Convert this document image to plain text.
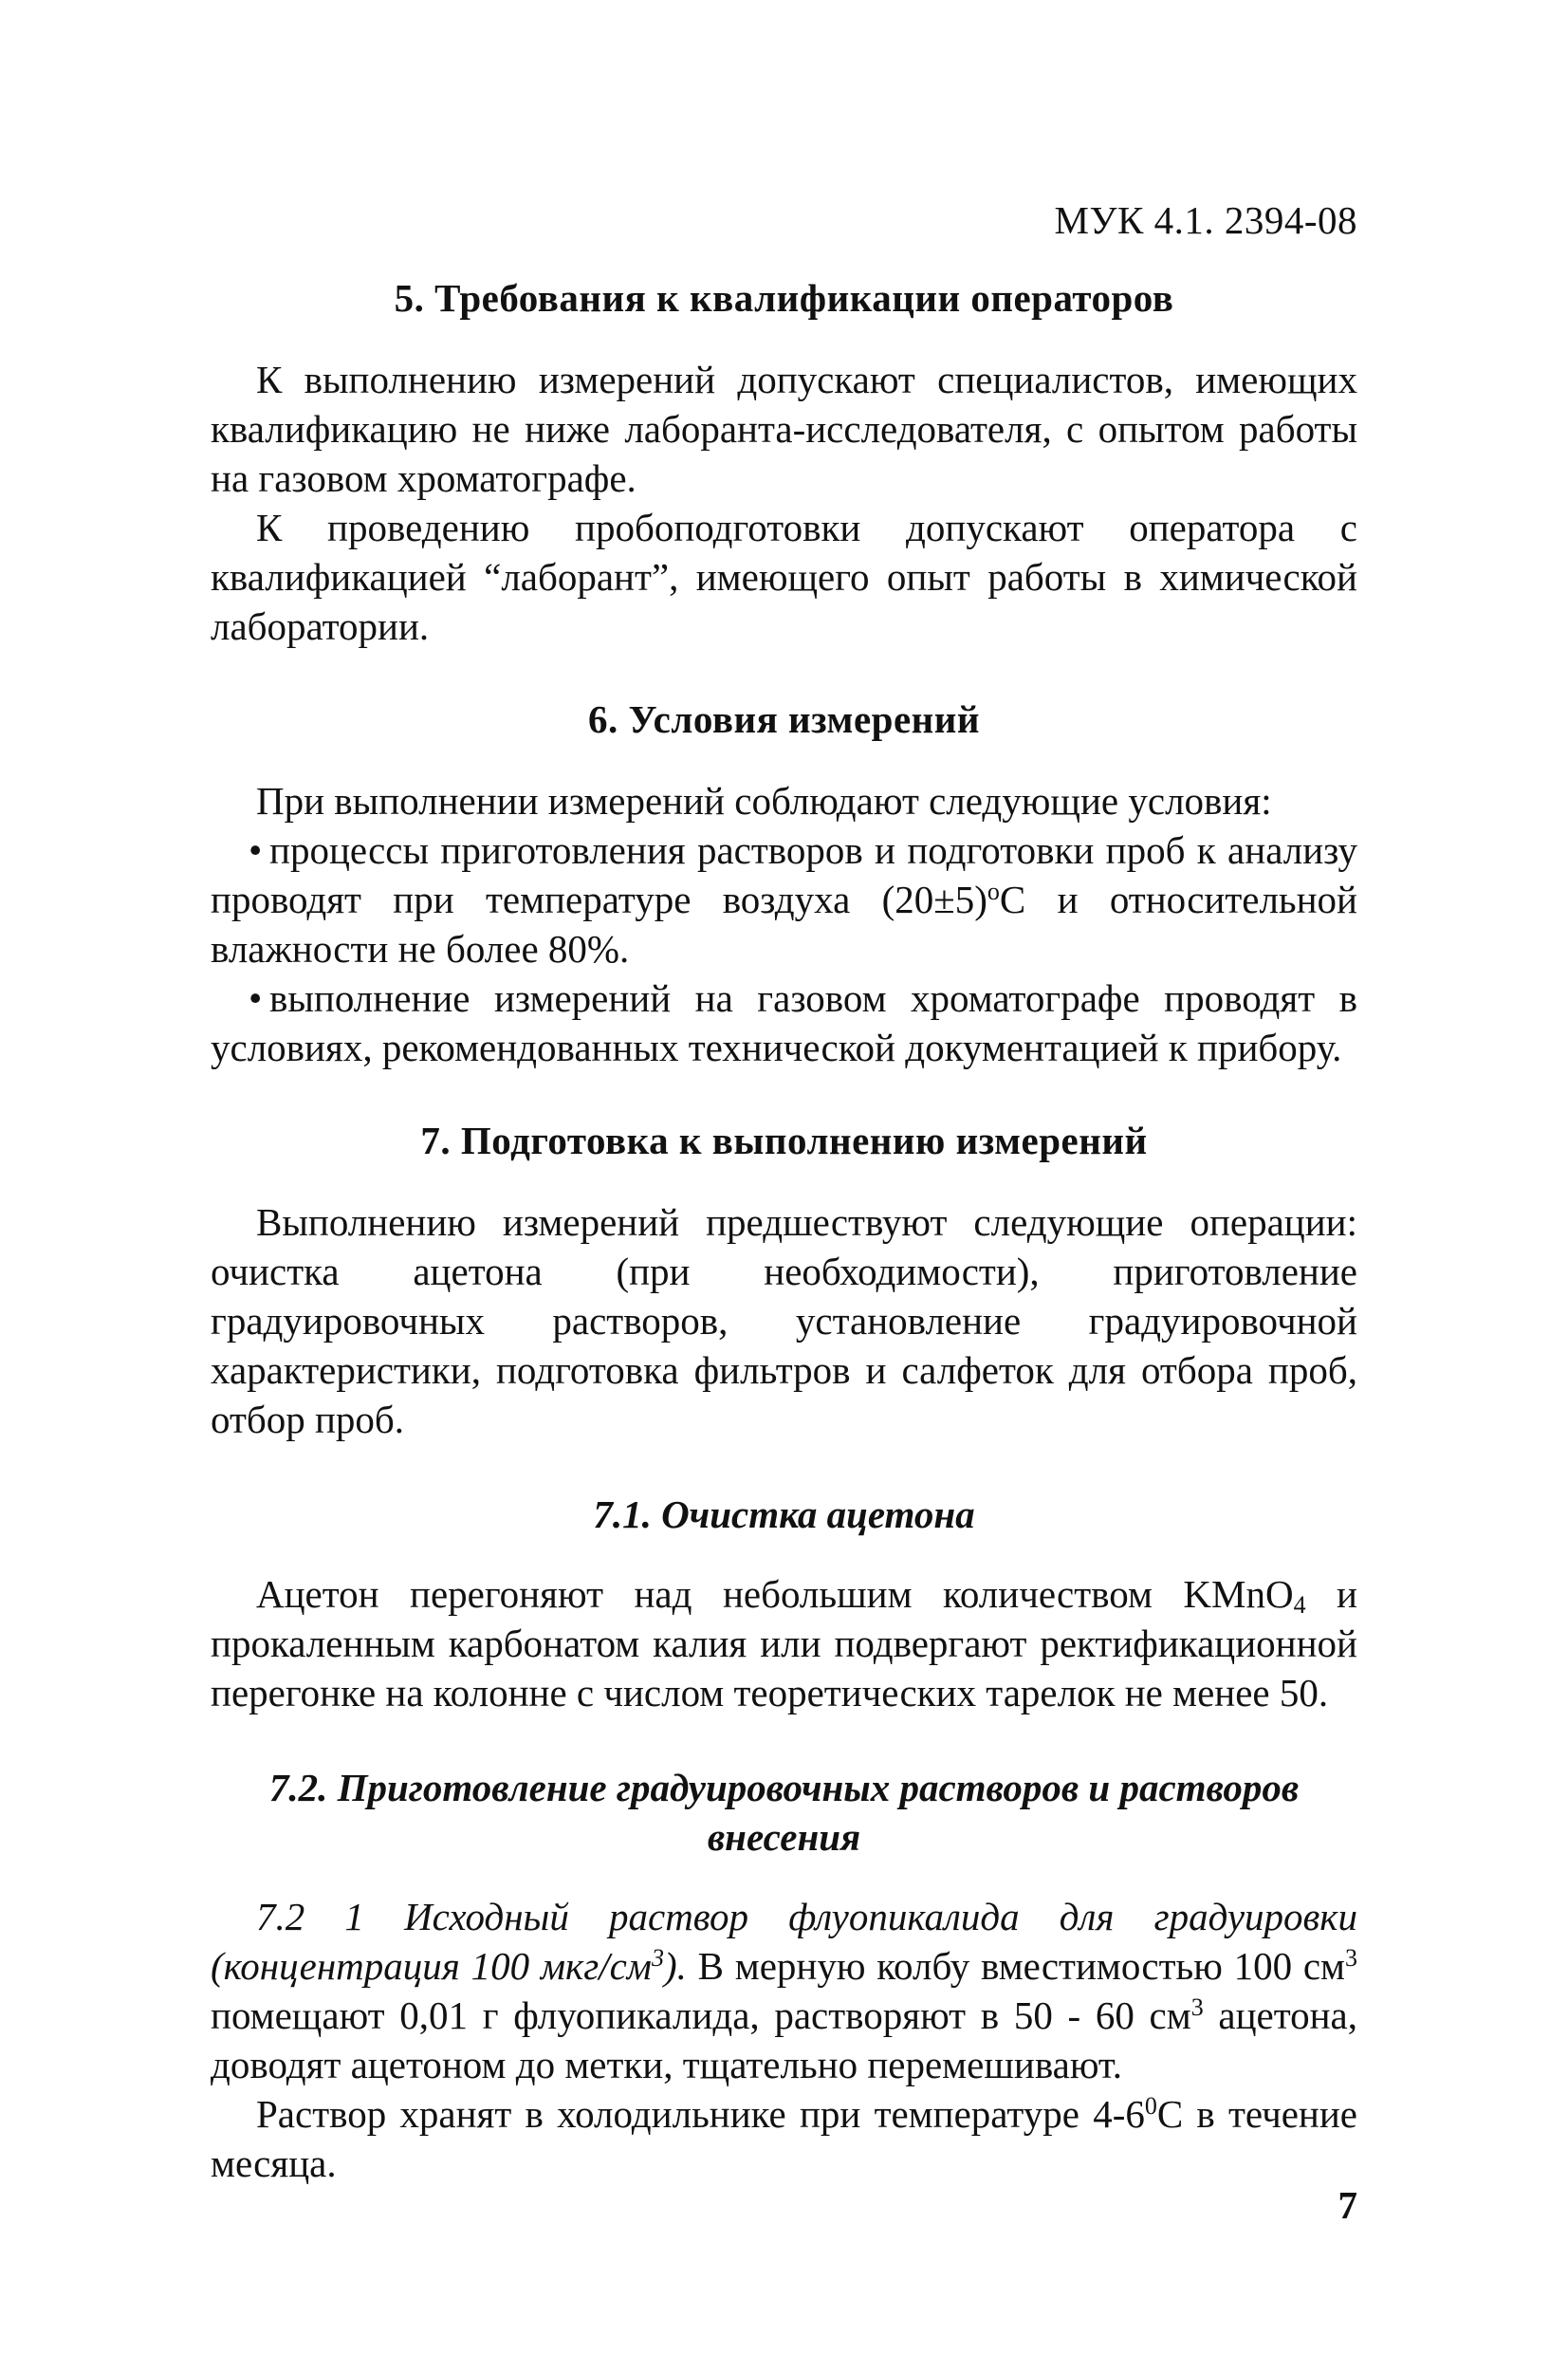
МУК 4.1. 2394-08
5. Требования к квалификации операторов

К выполнению измерений допускают специалистов, имеющих квалификацию не ниже лаборанта-исследователя, с опытом работы на газовом хроматографе.

К проведению пробоподготовки допускают оператора с квалификацией “лаборант”, имеющего опыт работы в химической лаборатории.

6. Условия измерений

При выполнении измерений соблюдают следующие условия:

• процессы приготовления растворов и подготовки проб к анализу проводят при температуре воздуха $(20\pm 5)^оС$ и относительной влажности не более 80%.

• выполнение измерений на газовом хроматографе проводят в условиях, рекомендованных технической документацией к прибору.

7. Подготовка к выполнению измерений

Выполнению измерений предшествуют следующие операции: очистка ацетона (при необходимости), приготовление градуировочных растворов, установление градуировочной характеристики, подготовка фильтров и салфеток для отбора проб, отбор проб.

7.1. Очистка ацетона

Ацетон перегоняют над небольшим количеством KMnO$_4$ и прокаленным карбонатом калия или подвергают ректификационной перегонке на колонне с числом теоретических тарелок не менее 50.

7.2. Приготовление градуировочных растворов и растворов внесения

7.2 1 Исходный раствор флуопикалида для градуировки (концентрация 100 мкг/$см^3$). В мерную колбу вместимостью 100 $см^3$ помещают 0,01 г флуопикалида, растворяют в 50 - 60 $см^3$ ацетона, доводят ацетоном до метки, тщательно перемешивают.

Раствор хранят в холодильнике при температуре $4-6^0С$ в течение месяца.

7
